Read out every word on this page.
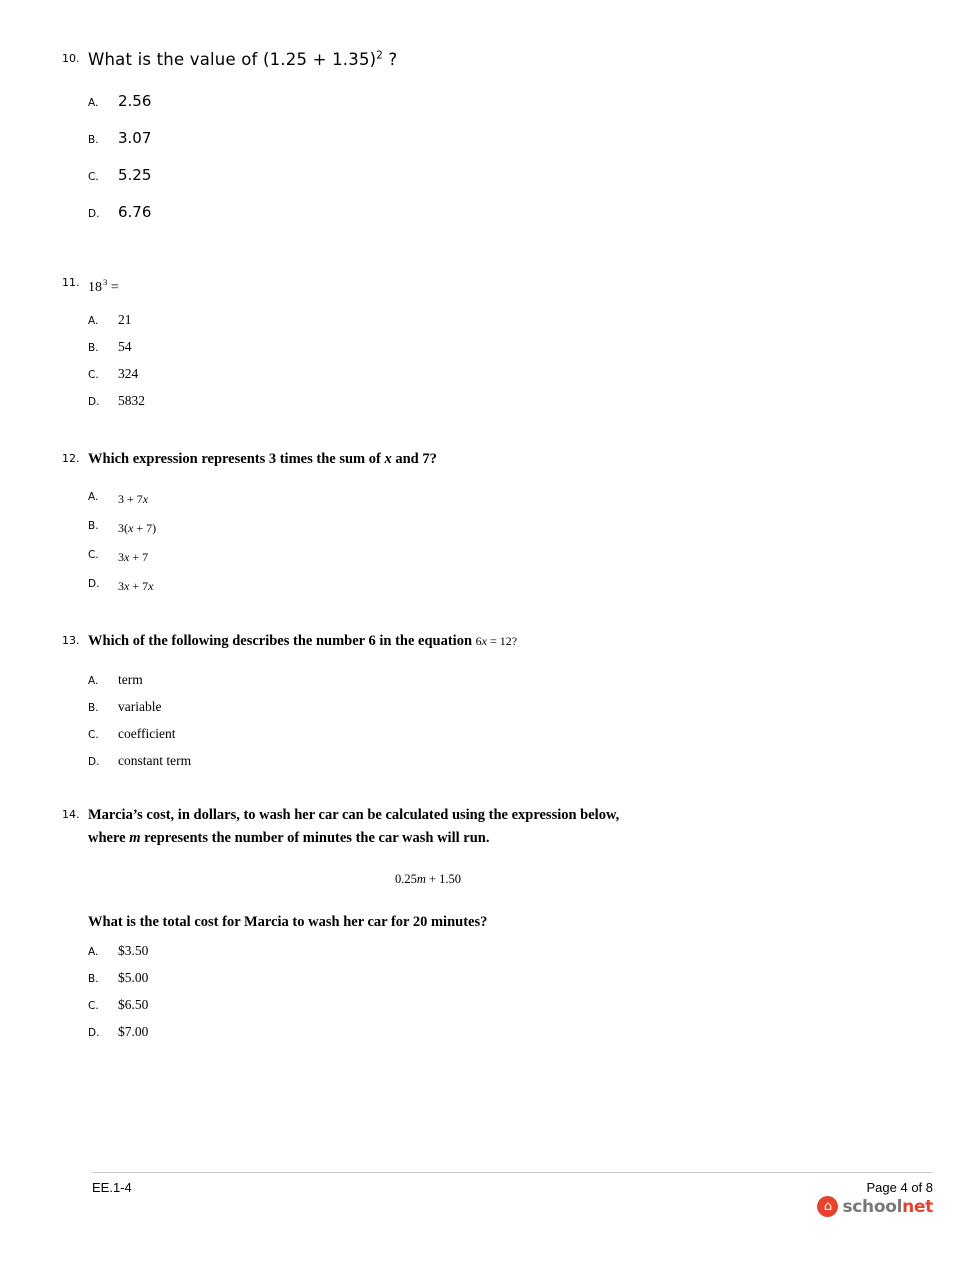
10. What is the value of $(1.25 + 1.35)^2$ ?
A.	2.56
B.	3.07
C.	5.25
D.	6.76
11. $18^3$ =
A.	21
B.	54
C.	324
D.	5832
12. Which expression represents 3 times the sum of x and 7?
A.	3 + 7x
B.	3(x + 7)
C.	3x + 7
D.	3x + 7x
13. Which of the following describes the number 6 in the equation 6x = 12?
A.	term
B.	variable
C.	coefficient
D.	constant term
14. Marcia’s cost, in dollars, to wash her car can be calculated using the expression below,
where m represents the number of minutes the car wash will run.
0.25m + 1.50
What is the total cost for Marcia to wash her car for 20 minutes?
A.	$3.50
B.	$5.00
C.	$6.50
D.	$7.00
EE.1-4	Page 4 of 8
⌂ schoolnet
